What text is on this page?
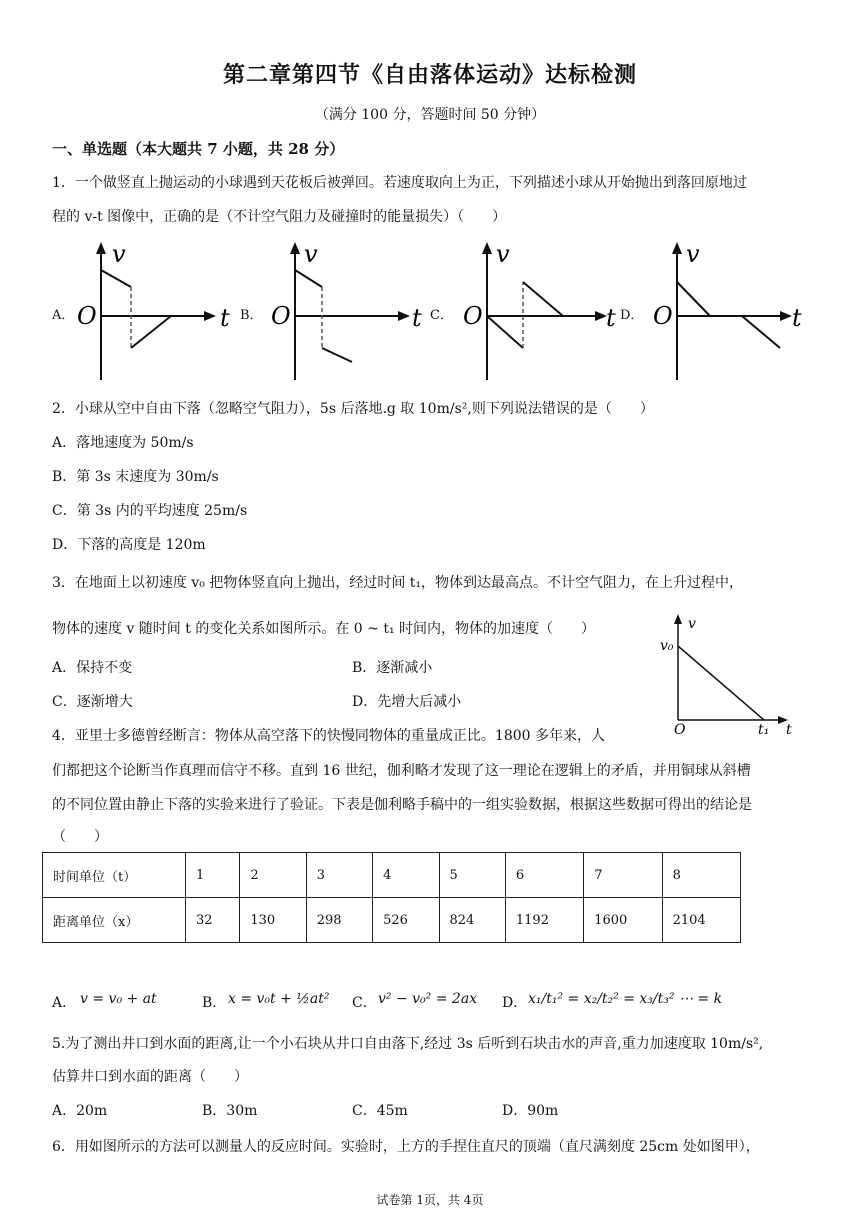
第二章第四节《自由落体运动》达标检测
（满分 100 分，答题时间 50 分钟）
一、单选题（本大题共 7 小题，共 28 分）
1．一个做竖直上抛运动的小球遇到天花板后被弹回。若速度取向上为正，下列描述小球从开始抛出到落回原地过
程的 v-t 图像中，正确的是（不计空气阻力及碰撞时的能量损失）（　　）
A．	B．	C．	D．
v
O	t
v
O	t
v
O	t
v
O	t
2．小球从空中自由下落（忽略空气阻力），5s 后落地.g 取 10m/s²,则下列说法错误的是（　　）
A．落地速度为 50m/s
B．第 3s 末速度为 30m/s
C．第 3s 内的平均速度 25m/s
D．下落的高度是 120m
3．在地面上以初速度 v₀ 把物体竖直向上抛出，经过时间 t₁，物体到达最高点。不计空气阻力，在上升过程中，
物体的速度 v 随时间 t 的变化关系如图所示。在 0 ~ t₁ 时间内，物体的加速度（　　）
A．保持不变	B．逐渐减小
C．逐渐增大	D．先增大后减小
v
v₀
O	t₁ t
4．亚里士多德曾经断言：物体从高空落下的快慢同物体的重量成正比。1800 多年来，人
们都把这个论断当作真理而信守不移。直到 16 世纪，伽利略才发现了这一理论在逻辑上的矛盾，并用铜球从斜槽
的不同位置由静止下落的实验来进行了验证。下表是伽利略手稿中的一组实验数据，根据这些数据可得出的结论是
（　　）
时间单位（t）	1	2	3	4	5	6	7	8
距离单位（x）	32	130	298	526	824	1192	1600	2104
A． v = v₀ + at	B． x = v₀t + ½at² C． v² − v₀² = 2ax D． x₁/t₁² = x₂/t₂² = x₃/t₃² ⋯ = k
5.为了测出井口到水面的距离,让一个小石块从井口自由落下,经过 3s 后听到石块击水的声音,重力加速度取 10m/s²,
估算井口到水面的距离（　　）
A．20m	B．30m	C．45m	D．90m
6．用如图所示的方法可以测量人的反应时间。实验时，上方的手捏住直尺的顶端（直尺满刻度 25cm 处如图甲），
试卷第 1页，共 4页
